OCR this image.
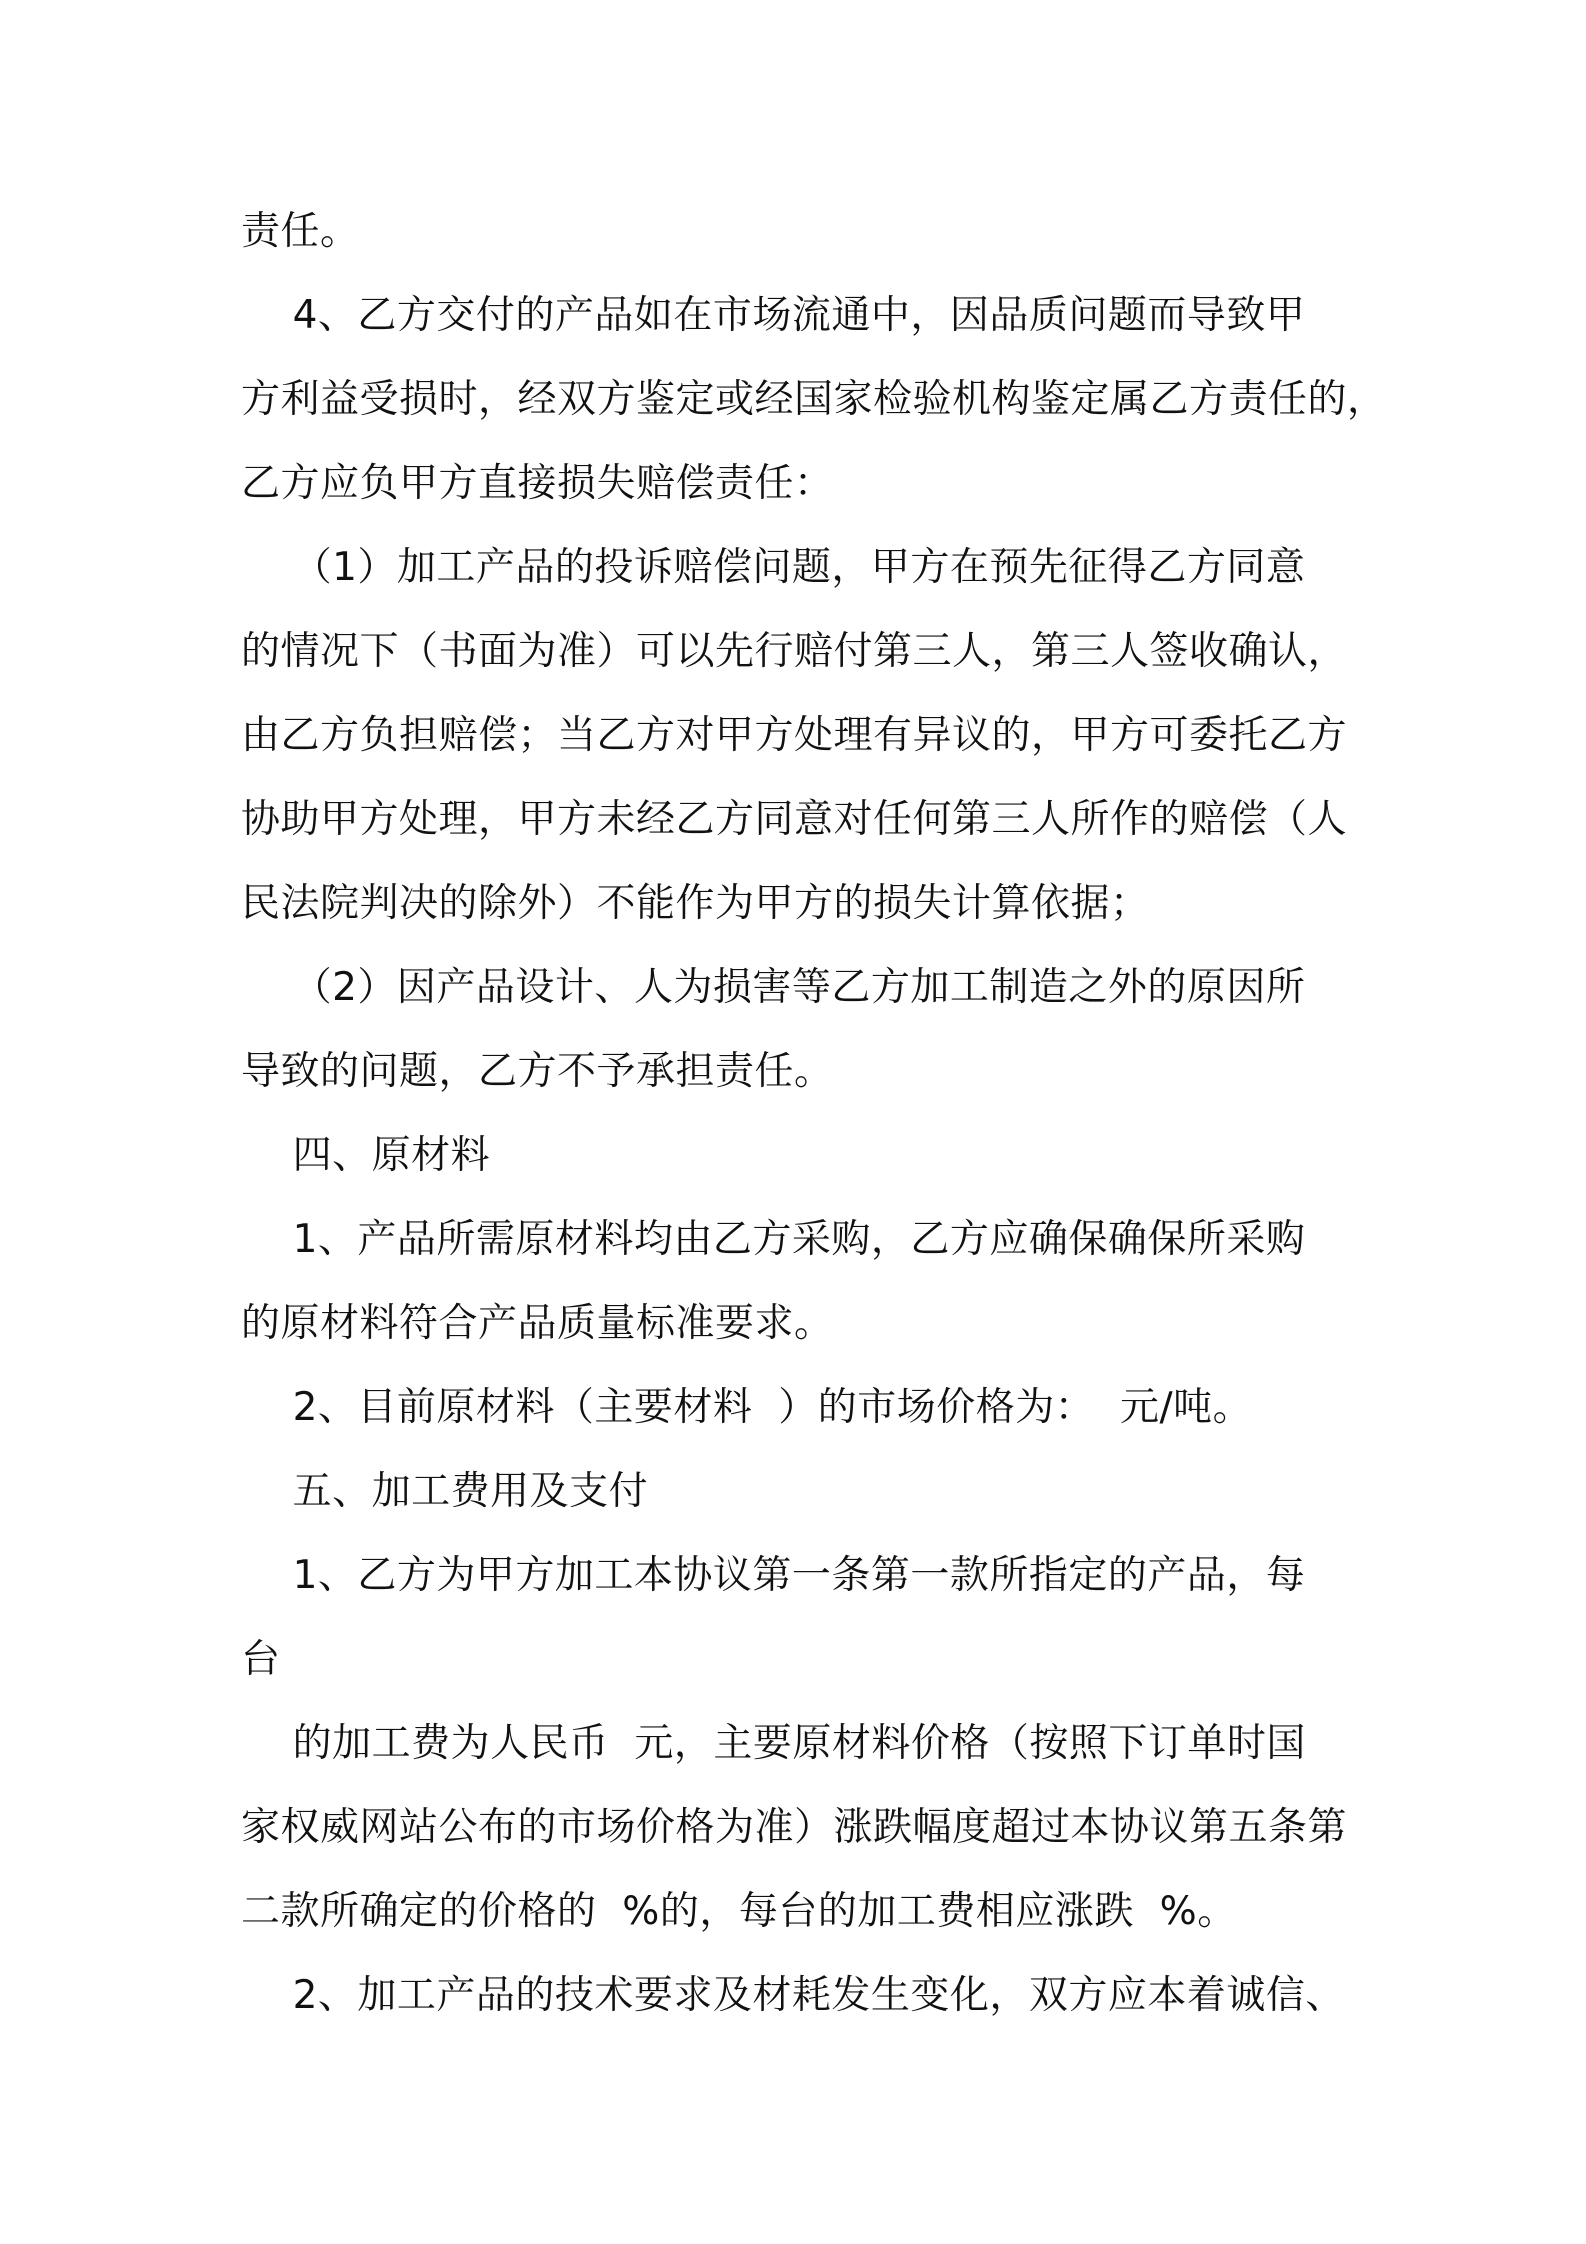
责任。
4、乙方交付的产品如在市场流通中，因品质问题而导致甲
方利益受损时，经双方鉴定或经国家检验机构鉴定属乙方责任的，
乙方应负甲方直接损失赔偿责任：
（1）加工产品的投诉赔偿问题，甲方在预先征得乙方同意
的情况下（书面为准）可以先行赔付第三人，第三人签收确认，
由乙方负担赔偿；当乙方对甲方处理有异议的，甲方可委托乙方
协助甲方处理，甲方未经乙方同意对任何第三人所作的赔偿（人
民法院判决的除外）不能作为甲方的损失计算依据；
（2）因产品设计、人为损害等乙方加工制造之外的原因所
导致的问题，乙方不予承担责任。
四、原材料
1、产品所需原材料均由乙方采购，乙方应确保确保所采购
的原材料符合产品质量标准要求。
2、目前原材料（主要材料  ）的市场价格为：  元/吨。
五、加工费用及支付
1、乙方为甲方加工本协议第一条第一款所指定的产品，每
台
的加工费为人民币  元，主要原材料价格（按照下订单时国
家权威网站公布的市场价格为准）涨跌幅度超过本协议第五条第
二款所确定的价格的  %的，每台的加工费相应涨跌  %。
2、加工产品的技术要求及材耗发生变化，双方应本着诚信、
